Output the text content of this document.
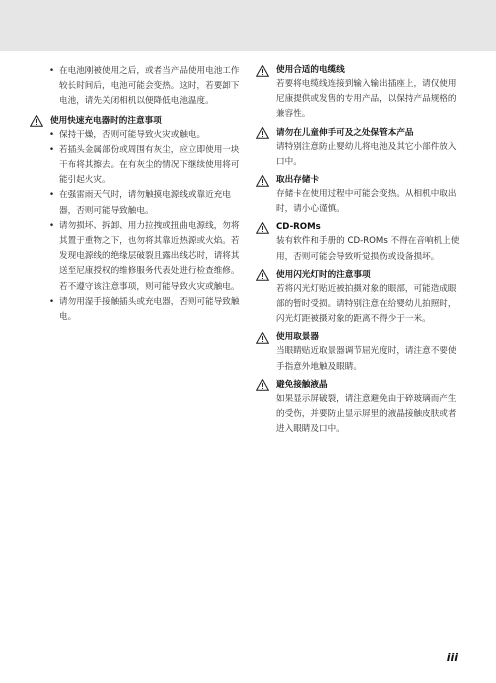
• 在电池刚被使用之后，或者当产品使用电池工作较长时间后，电池可能会变热。这时，若要卸下电池，请先关闭相机以便降低电池温度。
使用快速充电器时的注意事项
• 保持干燥，否则可能导致火灾或触电。
• 若插头金属部份或周围有灰尘，应立即使用一块干布将其擦去。在有灰尘的情况下继续使用将可能引起火灾。
• 在强雷雨天气时，请勿触摸电源线或靠近充电器，否则可能导致触电。
• 请勿损坏、拆卸、用力拉拽或扭曲电源线，勿将其置于重物之下，也勿将其靠近热源或火焰。若发现电源线的绝缘层破裂且露出线芯时，请将其送至尼康授权的维修服务代表处进行检查维修。若不遵守该注意事项，则可能导致火灾或触电。
• 请勿用湿手接触插头或充电器，否则可能导致触电。
使用合适的电缆线
若要将电缆线连接到输入输出插座上，请仅使用尼康提供或发售的专用产品，以保持产品规格的兼容性。
请勿在儿童伸手可及之处保管本产品
请特别注意防止婴幼儿将电池及其它小部件放入口中。
取出存储卡
存储卡在使用过程中可能会变热。从相机中取出时，请小心谨慎。
CD-ROMs
装有软件和手册的 CD-ROMs 不得在音响机上使用，否则可能会导致听觉损伤或设备损坏。
使用闪光灯时的注意事项
若将闪光灯贴近被拍摄对象的眼部，可能造成眼部的暂时受损。请特别注意在给婴幼儿拍照时，闪光灯距被摄对象的距离不得少于一米。
使用取景器
当眼睛贴近取景器调节屈光度时，请注意不要使手指意外地触及眼睛。
避免接触液晶
如果显示屏破裂，请注意避免由于碎玻璃而产生的受伤，并要防止显示屏里的液晶接触皮肤或者进入眼睛及口中。
iii
